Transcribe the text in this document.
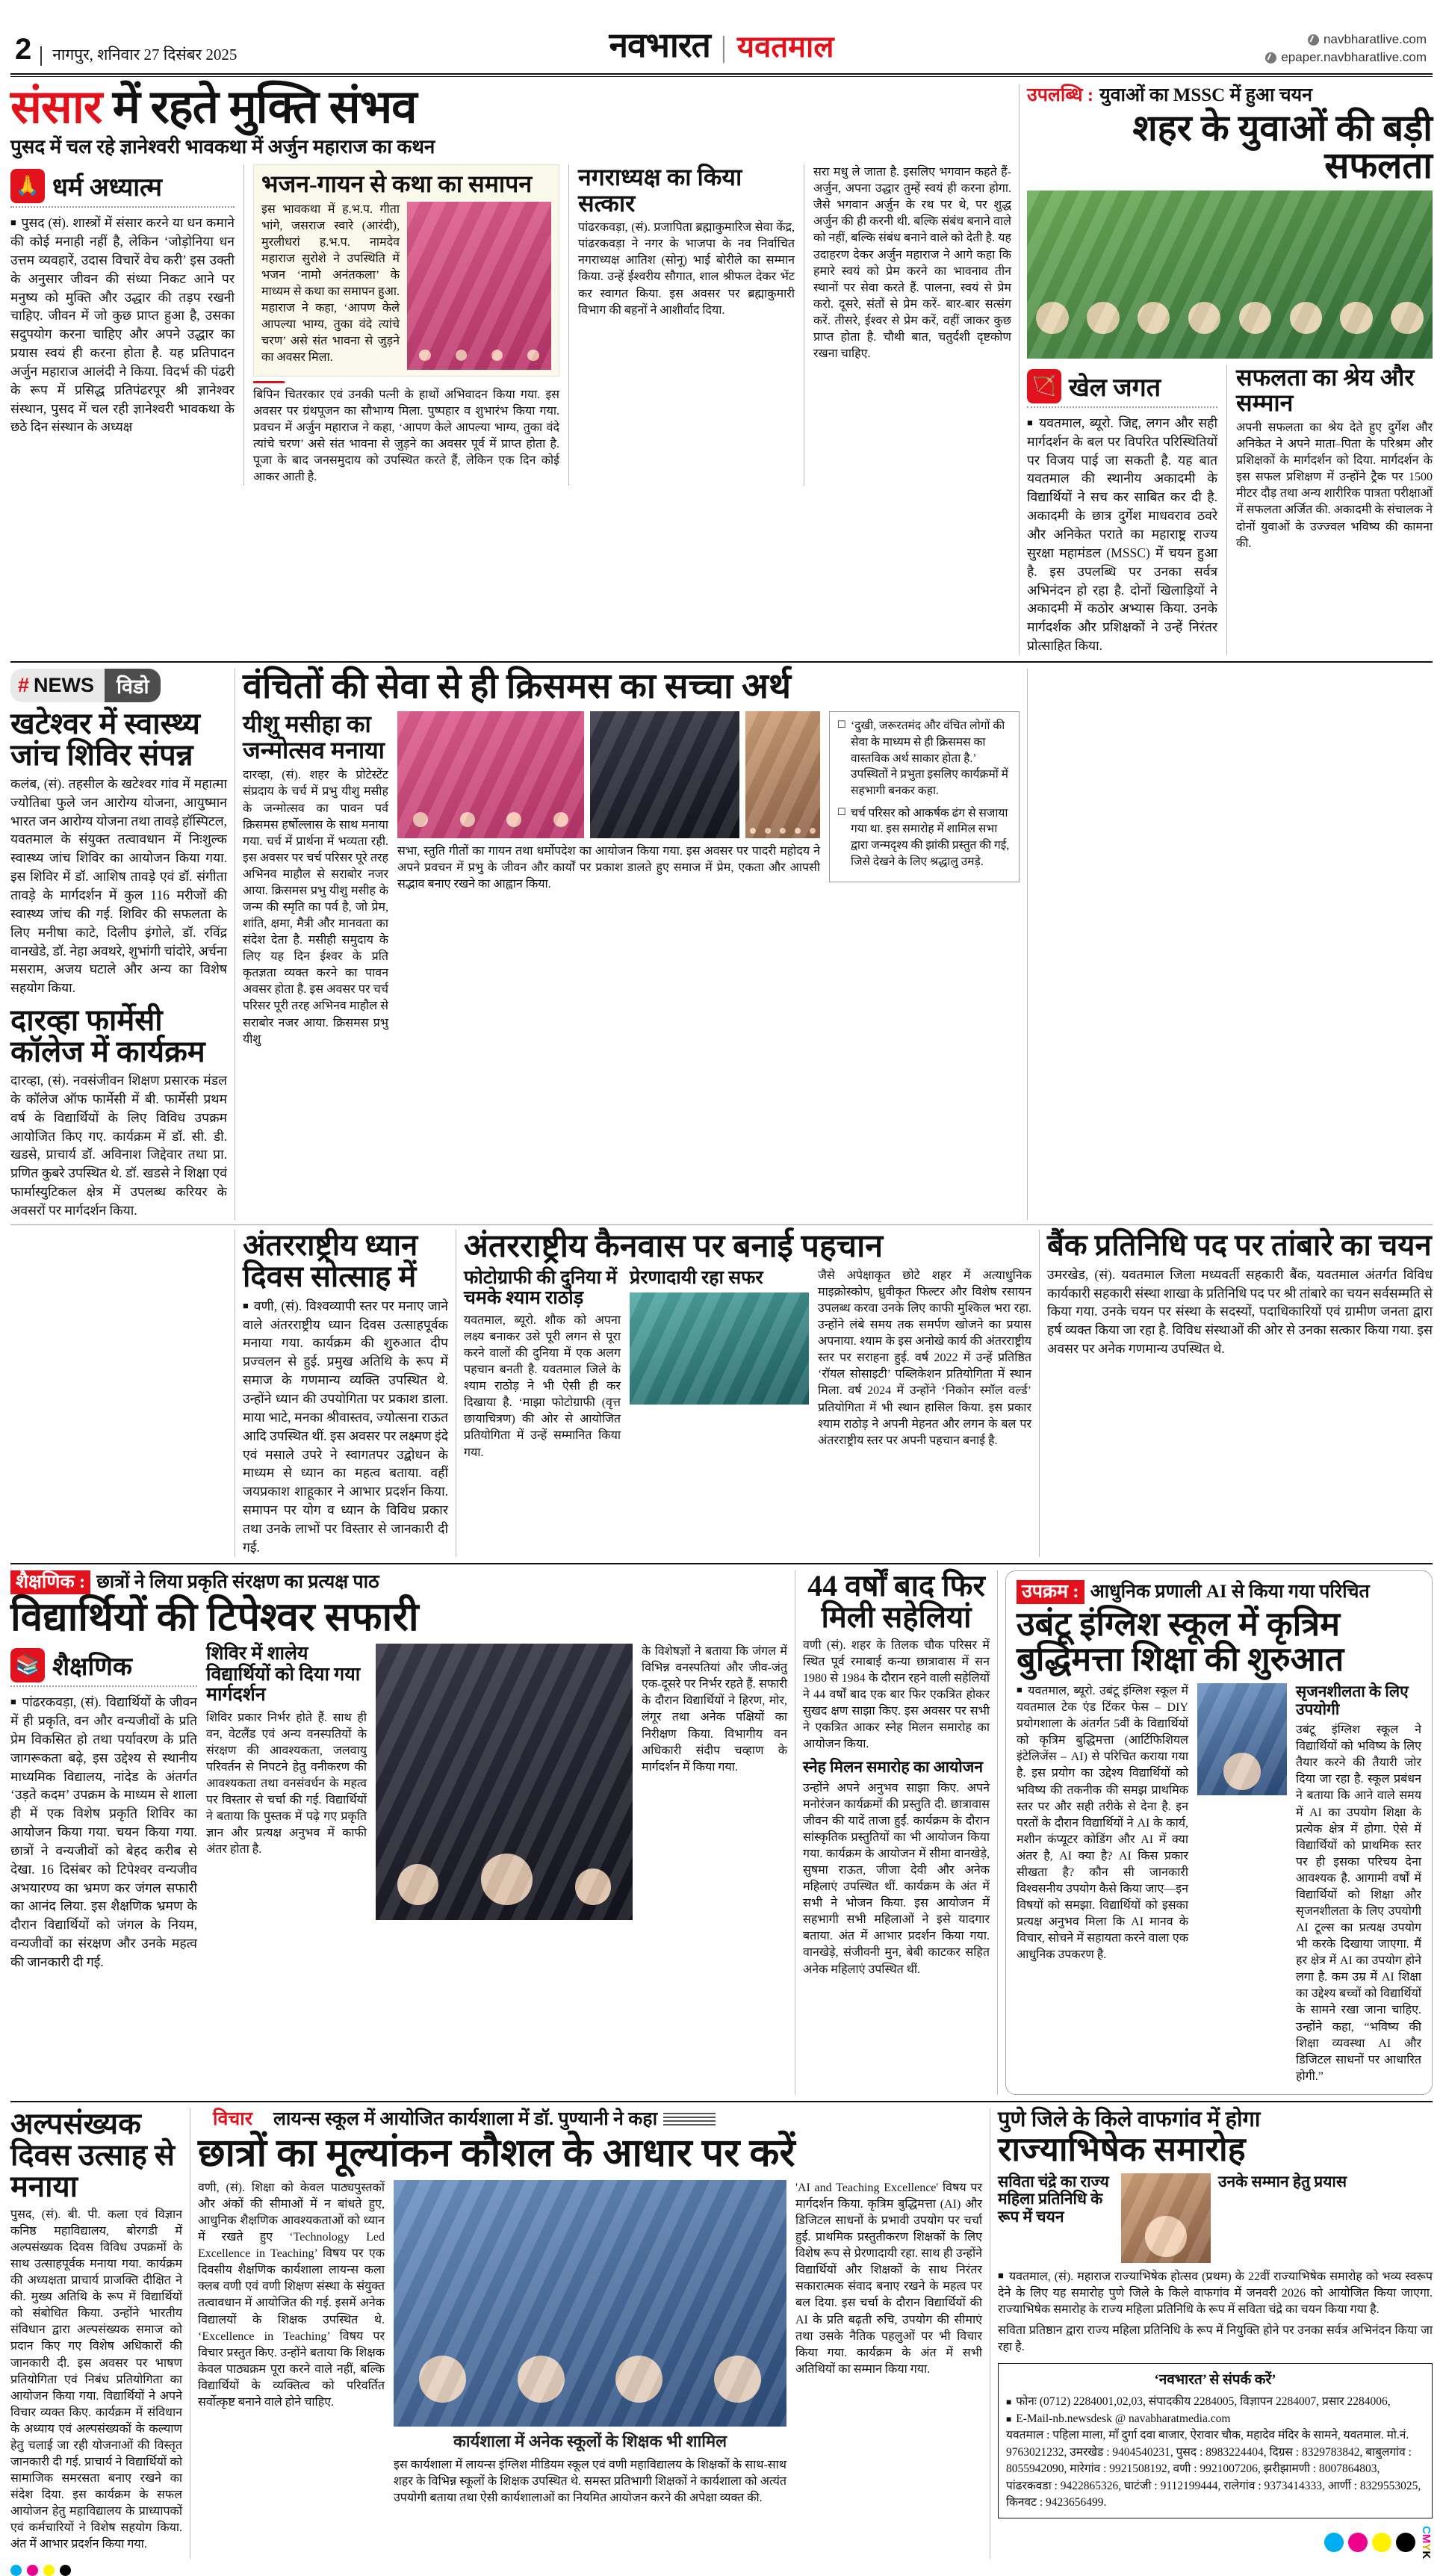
2	नागपुर, शनिवार 27 दिसंबर 2025	नवभारत | यवतमाल	navbharatlive.com
epaper.navbharatlive.com
संसार में रहते मुक्ति संभव
पुसद में चल रहे ज्ञानेश्वरी भावकथा में अर्जुन महाराज का कथन
🙏 धर्म अध्यात्म

■ पुसद (सं). शास्त्रों में संसार करने या धन कमाने की कोई मनाही नहीं है, लेकिन ‘जोड़ोनिया धन उत्तम व्यवहारें, उदास विचारें वेच करी’ इस उक्ती के अनुसार जीवन की संध्या निकट आने पर मनुष्य को मुक्ति और उद्धार की तड़प रखनी चाहिए. जीवन में जो कुछ प्राप्त हुआ है, उसका सदुपयोग करना चाहिए और अपने उद्धार का प्रयास स्वयं ही करना होता है. यह प्रतिपादन अर्जुन महाराज आलंदी ने किया. विदर्भ की पंढरी के रूप में प्रसिद्ध प्रतिपंढरपूर श्री ज्ञानेश्वर संस्थान, पुसद में चल रही ज्ञानेश्वरी भावकथा के छठे दिन संस्थान के अध्यक्ष

भजन-गायन से कथा का समापन

इस भावकथा में ह.भ.प. गीता भांगे, जसराज स्वारे (आरंदी), मुरलीधरां ह.भ.प. नामदेव महाराज सुरोशे ने उपस्थिति में भजन ‘नामो अनंतकला’ के माध्यम से कथा का समापन हुआ. महाराज ने कहा, ‘आपण केले आपल्या भाग्य, तुका वंदे त्यांचे चरण’ असे संत भावना से जुड़ने का अवसर मिला.

बिपिन चितरकार एवं उनकी पत्नी के हाथों अभिवादन किया गया. इस अवसर पर ग्रंथपूजन का सौभाग्य मिला. पुष्पहार व शुभारंभ किया गया. प्रवचन में अर्जुन महाराज ने कहा, ‘आपण केले आपल्या भाग्य, तुका वंदे त्यांचे चरण’ असे संत भावना से जुड़ने का अवसर पूर्व में प्राप्त होता है. पूजा के बाद जनसमुदाय को उपस्थित करते हैं, लेकिन एक दिन कोई आकर आती है.

नगराध्यक्ष का किया सत्कार

पांढरकवड़ा, (सं). प्रजापिता ब्रह्माकुमारिज सेवा केंद्र, पांढरकवड़ा ने नगर के भाजपा के नव निर्वाचित नगराध्यक्ष आतिश (सोनू) भाई बोरीले का सम्मान किया. उन्हें ईश्वरीय सौगात, शाल श्रीफल देकर भेंट कर स्वागत किया. इस अवसर पर ब्रह्माकुमारी विभाग की बहनों ने आशीर्वाद दिया.

सरा मधु ले जाता है. इसलिए भगवान कहते हैं- अर्जुन, अपना उद्धार तुम्हें स्वयं ही करना होगा. जैसे भगवान अर्जुन के रथ पर थे, पर शुद्ध अर्जुन की ही करनी थी. बल्कि संबंध बनाने वाले को नहीं, बल्कि संबंध बनाने वाले को देती है. यह उदाहरण देकर अर्जुन महाराज ने आगे कहा कि हमारे स्वयं को प्रेम करने का भावनाव तीन स्थानों पर सेवा करते हैं. पालना, स्वयं से प्रेम करो. दूसरे, संतों से प्रेम करें- बार-बार सत्संग करें. तीसरे, ईश्वर से प्रेम करें, वहीं जाकर कुछ प्राप्त होता है. चौथी बात, चतुर्दशी दृष्टकोण रखना चाहिए.

उपलब्धि : युवाओं का MSSC में हुआ चयन
शहर के युवाओं की बड़ी सफलता
🏹 खेल जगत

■ यवतमाल, ब्यूरो. जिद्द, लगन और सही मार्गदर्शन के बल पर विपरित परिस्थितियों पर विजय पाई जा सकती है. यह बात यवतमाल की स्थानीय अकादमी के विद्यार्थियों ने सच कर साबित कर दी है. अकादमी के छात्र दुर्गेश माधवराव ठवरे और अनिकेत पराते का महाराष्ट्र राज्य सुरक्षा महामंडल (MSSC) में चयन हुआ है. इस उपलब्धि पर उनका सर्वत्र अभिनंदन हो रहा है. दोनों खिलाड़ियों ने अकादमी में कठोर अभ्यास किया. उनके मार्गदर्शक और प्रशिक्षकों ने उन्हें निरंतर प्रोत्साहित किया.

सफलता का श्रेय और सम्मान

अपनी सफलता का श्रेय देते हुए दुर्गेश और अनिकेत ने अपने माता–पिता के परिश्रम और प्रशिक्षकों के मार्गदर्शन को दिया. मार्गदर्शन के इस सफल प्रशिक्षण में उन्होंने ट्रैक पर 1500 मीटर दौड़ तथा अन्य शारीरिक पात्रता परीक्षाओं में सफलता अर्जित की. अकादमी के संचालक ने दोनों युवाओं के उज्ज्वल भविष्य की कामना की.

# NEWS	विडो
खटेश्वर में स्वास्थ्य जांच शिविर संपन्न

कलंब, (सं). तहसील के खटेश्वर गांव में महात्मा ज्योतिबा फुले जन आरोग्य योजना, आयुष्मान भारत जन आरोग्य योजना तथा तावड़े हॉस्पिटल, यवतमाल के संयुक्त तत्वावधान में निःशुल्क स्वास्थ्य जांच शिविर का आयोजन किया गया. इस शिविर में डॉ. आशिष तावड़े एवं डॉ. संगीता तावड़े के मार्गदर्शन में कुल 116 मरीजों की स्वास्थ्य जांच की गई. शिविर की सफलता के लिए मनीषा काटे, दिलीप इंगोले, डॉ. रविंद्र वानखेडे, डॉ. नेहा अवथरे, शुभांगी चांदोरे, अर्चना मसराम, अजय घटाले और अन्य का विशेष सहयोग किया.

दारव्हा फार्मेसी कॉलेज में कार्यक्रम

दारव्हा, (सं). नवसंजीवन शिक्षण प्रसारक मंडल के कॉलेज ऑफ फार्मेसी में बी. फार्मेसी प्रथम वर्ष के विद्यार्थियों के लिए विविध उपक्रम आयोजित किए गए. कार्यक्रम में डॉ. सी. डी. खडसे, प्राचार्य डॉ. अविनाश जिद्देवार तथा प्रा. प्रणित कुबरे उपस्थित थे. डॉ. खडसे ने शिक्षा एवं फार्मास्युटिकल क्षेत्र में उपलब्ध करियर के अवसरों पर मार्गदर्शन किया.

वंचितों की सेवा से ही क्रिसमस का सच्चा अर्थ
यीशु मसीहा का जन्मोत्सव मनाया

दारव्हा, (सं). शहर के प्रोटेस्टेंट संप्रदाय के चर्च में प्रभु यीशु मसीह के जन्मोत्सव का पावन पर्व क्रिसमस हर्षोल्लास के साथ मनाया गया. चर्च में प्रार्थना में भव्यता रही. इस अवसर पर चर्च परिसर पूरे तरह अभिनव माहौल से सराबोर नजर आया. क्रिसमस प्रभु यीशु मसीह के जन्म की स्मृति का पर्व है, जो प्रेम, शांति, क्षमा, मैत्री और मानवता का संदेश देता है. मसीही समुदाय के लिए यह दिन ईश्वर के प्रति कृतज्ञता व्यक्त करने का पावन अवसर होता है. इस अवसर पर चर्च परिसर पूरी तरह अभिनव माहौल से सराबोर नजर आया. क्रिसमस प्रभु यीशु

सभा, स्तुति गीतों का गायन तथा धर्मोपदेश का आयोजन किया गया. इस अवसर पर पादरी महोदय ने अपने प्रवचन में प्रभु के जीवन और कार्यों पर प्रकाश डालते हुए समाज में प्रेम, एकता और आपसी सद्भाव बनाए रखने का आह्वान किया.

☐ ‘दुखी, जरूरतमंद और वंचित लोगों की सेवा के माध्यम से ही क्रिसमस का वास्तविक अर्थ साकार होता है.’ उपस्थितों ने प्रभुता इसलिए कार्यक्रमों में सहभागी बनकर कहा.

☐ चर्च परिसर को आकर्षक ढंग से सजाया गया था. इस समारोह में शामिल सभा द्वारा जन्मदृश्य की झांकी प्रस्तुत की गई, जिसे देखने के लिए श्रद्धालु उमड़े.

अंतरराष्ट्रीय ध्यान दिवस सोत्साह में

■ वणी, (सं). विश्वव्यापी स्तर पर मनाए जाने वाले अंतरराष्ट्रीय ध्यान दिवस उत्साहपूर्वक मनाया गया. कार्यक्रम की शुरुआत दीप प्रज्वलन से हुई. प्रमुख अतिथि के रूप में समाज के गणमान्य व्यक्ति उपस्थित थे. उन्होंने ध्यान की उपयोगिता पर प्रकाश डाला. माया भाटे, मनका श्रीवास्तव, ज्योत्सना राऊत आदि उपस्थित थीं. इस अवसर पर लक्ष्मण इंदे एवं मसाले उपरे ने स्वागतपर उद्बोधन के माध्यम से ध्यान का महत्व बताया. वहीं जयप्रकाश शाहूकार ने आभार प्रदर्शन किया. समापन पर योग व ध्यान के विविध प्रकार तथा उनके लाभों पर विस्तार से जानकारी दी गई.

अंतरराष्ट्रीय कैनवास पर बनाई पहचान
फोटोग्राफी की दुनिया में चमके श्याम राठोड़

यवतमाल, ब्यूरो. शौक को अपना लक्ष्य बनाकर उसे पूरी लगन से पूरा करने वालों की दुनिया में एक अलग पहचान बनती है. यवतमाल जिले के श्याम राठोड़ ने भी ऐसी ही कर दिखाया है. ‘माझा फोटोग्राफी (वृत्त छायाचित्रण) की ओर से आयोजित प्रतियोगिता में उन्हें सम्मानित किया गया.

प्रेरणादायी रहा सफर	जैसे अपेक्षाकृत छोटे शहर में अत्याधुनिक माइक्रोस्कोप, ध्रुवीकृत फिल्टर और विशेष रसायन उपलब्ध करवा उनके लिए काफी मुश्किल भरा रहा. उन्होंने लंबे समय तक समर्पण खोजने का प्रयास अपनाया. श्याम के इस अनोखे कार्य की अंतरराष्ट्रीय स्तर पर सराहना हुई. वर्ष 2022 में उन्हें प्रतिष्ठित ‘रॉयल सोसाइटी’ पब्लिकेशन प्रतियोगिता में स्थान मिला. वर्ष 2024 में उन्होंने ‘निकोन स्मॉल वर्ल्ड’ प्रतियोगिता में भी स्थान हासिल किया. इस प्रकार श्याम राठोड़ ने अपनी मेहनत और लगन के बल पर अंतरराष्ट्रीय स्तर पर अपनी पहचान बनाई है.

बैंक प्रतिनिधि पद पर तांबारे का चयन

उमरखेड, (सं). यवतमाल जिला मध्यवर्ती सहकारी बैंक, यवतमाल अंतर्गत विविध कार्यकारी सहकारी संस्था शाखा के प्रतिनिधि पद पर श्री तांबारे का चयन सर्वसम्मति से किया गया. उनके चयन पर संस्था के सदस्यों, पदाधिकारियों एवं ग्रामीण जनता द्वारा हर्ष व्यक्त किया जा रहा है. विविध संस्थाओं की ओर से उनका सत्कार किया गया. इस अवसर पर अनेक गणमान्य उपस्थित थे.

शैक्षणिक : छात्रों ने लिया प्रकृति संरक्षण का प्रत्यक्ष पाठ
विद्यार्थियों की टिपेश्वर सफारी
📚 शैक्षणिक

■ पांढरकवड़ा, (सं). विद्यार्थियों के जीवन में ही प्रकृति, वन और वन्यजीवों के प्रति प्रेम विकसित हो तथा पर्यावरण के प्रति जागरूकता बढ़े, इस उद्देश्य से स्थानीय माध्यमिक विद्यालय, नांदेड के अंतर्गत ‘उड़ते कदम’ उपक्रम के माध्यम से शाला ही में एक विशेष प्रकृति शिविर का आयोजन किया गया. चयन किया गया. छात्रों ने वन्यजीवों को बेहद करीब से देखा. 16 दिसंबर को टिपेश्वर वन्यजीव अभयारण्य का भ्रमण कर जंगल सफारी का आनंद लिया. इस शैक्षणिक भ्रमण के दौरान विद्यार्थियों को जंगल के नियम, वन्यजीवों का संरक्षण और उनके महत्व की जानकारी दी गई.

शिविर में शालेय विद्यार्थियों को दिया गया मार्गदर्शन

शिविर प्रकार निर्भर होते हैं. साथ ही वन, वेटलैंड एवं अन्य वनस्पतियों के संरक्षण की आवश्यकता, जलवायु परिवर्तन से निपटने हेतु वनीकरण की आवश्यकता तथा वनसंवर्धन के महत्व पर विस्तार से चर्चा की गई. विद्यार्थियों ने बताया कि पुस्तक में पढ़े गए प्रकृति ज्ञान और प्रत्यक्ष अनुभव में काफी अंतर होता है.

के विशेषज्ञों ने बताया कि जंगल में विभिन्न वनस्पतियां और जीव-जंतु एक-दूसरे पर निर्भर रहते हैं. सफारी के दौरान विद्यार्थियों ने हिरण, मोर, लंगूर तथा अनेक पक्षियों का निरीक्षण किया. विभागीय वन अधिकारी संदीप चव्हाण के मार्गदर्शन में किया गया.

44 वर्षों बाद फिर मिली सहेलियां

वणी (सं). शहर के तिलक चौक परिसर में स्थित पूर्व रमाबाई कन्या छात्रावास में सन 1980 से 1984 के दौरान रहने वाली सहेलियों ने 44 वर्षों बाद एक बार फिर एकत्रित होकर सुखद क्षण साझा किए. इस अवसर पर सभी ने एकत्रित आकर स्नेह मिलन समारोह का आयोजन किया.

स्नेह मिलन समारोह का आयोजन

उन्होंने अपने अनुभव साझा किए. अपने मनोरंजन कार्यक्रमों की प्रस्तुति दी. छात्रावास जीवन की यादें ताजा हुईं. कार्यक्रम के दौरान सांस्कृतिक प्रस्तुतियों का भी आयोजन किया गया. कार्यक्रम के आयोजन में सीमा वानखेड़े, सुषमा राऊत, जीजा देवी और अनेक महिलाएं उपस्थित थीं. कार्यक्रम के अंत में सभी ने भोजन किया. इस आयोजन में सहभागी सभी महिलाओं ने इसे यादगार बताया. अंत में आभार प्रदर्शन किया गया. वानखेड़े, संजीवनी मुन, बेबी काटकर सहित अनेक महिलाएं उपस्थित थीं.

उपक्रम : आधुनिक प्रणाली AI से किया गया परिचित
उबंटू इंग्लिश स्कूल में कृत्रिम बुद्धिमत्ता शिक्षा की शुरुआत

■ यवतमाल, ब्यूरो. उबंटू इंग्लिश स्कूल में यवतमाल टेक एंड टिंकर फेस – DIY प्रयोगशाला के अंतर्गत 5वीं के विद्यार्थियों को कृत्रिम बुद्धिमत्ता (आर्टिफिशियल इंटेलिजेंस – AI) से परिचित कराया गया है. इस प्रयोग का उद्देश्य विद्यार्थियों को भविष्य की तकनीक की समझ प्राथमिक स्तर पर और सही तरीके से देना है. इन परतों के दौरान विद्यार्थियों ने AI के कार्य, मशीन कंप्यूटर कोडिंग और AI में क्या अंतर है, AI क्या है? AI किस प्रकार सीखता है? कौन सी जानकारी विश्वसनीय उपयोग कैसे किया जाए—इन विषयों को समझा. विद्यार्थियों को इसका प्रत्यक्ष अनुभव मिला कि AI मानव के विचार, सोचने में सहायता करने वाला एक आधुनिक उपकरण है.

सृजनशीलता के लिए उपयोगी

उबंटू इंग्लिश स्कूल ने विद्यार्थियों को भविष्य के लिए तैयार करने की तैयारी जोर दिया जा रहा है. स्कूल प्रबंधन ने बताया कि आने वाले समय में AI का उपयोग शिक्षा के प्रत्येक क्षेत्र में होगा. ऐसे में विद्यार्थियों को प्राथमिक स्तर पर ही इसका परिचय देना आवश्यक है. आगामी वर्षों में विद्यार्थियों को शिक्षा और सृजनशीलता के लिए उपयोगी AI टूल्स का प्रत्यक्ष उपयोग भी करके दिखाया जाएगा. मैं हर क्षेत्र में AI का उपयोग होने लगा है. कम उम्र में AI शिक्षा का उद्देश्य बच्चों को विद्यार्थियों के सामने रखा जाना चाहिए. उन्होंने कहा, “भविष्य की शिक्षा व्यवस्था AI और डिजिटल साधनों पर आधारित होगी.”

अल्पसंख्यक दिवस उत्साह से मनाया

पुसद, (सं). बी. पी. कला एवं विज्ञान कनिष्ठ महाविद्यालय, बोरगडी में अल्पसंख्यक दिवस विविध उपक्रमों के साथ उत्साहपूर्वक मनाया गया. कार्यक्रम की अध्यक्षता प्राचार्य प्राजक्ति दीक्षित ने की. मुख्य अतिथि के रूप में विद्यार्थियों को संबोधित किया. उन्होंने भारतीय संविधान द्वारा अल्पसंख्यक समाज को प्रदान किए गए विशेष अधिकारों की जानकारी दी. इस अवसर पर भाषण प्रतियोगिता एवं निबंध प्रतियोगिता का आयोजन किया गया. विद्यार्थियों ने अपने विचार व्यक्त किए. कार्यक्रम में संविधान के अध्याय एवं अल्पसंख्यकों के कल्याण हेतु चलाई जा रही योजनाओं की विस्तृत जानकारी दी गई. प्राचार्य ने विद्यार्थियों को सामाजिक समरसता बनाए रखने का संदेश दिया. इस कार्यक्रम के सफल आयोजन हेतु महाविद्यालय के प्राध्यापकों एवं कर्मचारियों ने विशेष सहयोग किया. अंत में आभार प्रदर्शन किया गया.

विचार लायन्स स्कूल में आयोजित कार्यशाला में डॉ. पुण्यानी ने कहा
छात्रों का मूल्यांकन कौशल के आधार पर करें

वणी, (सं). शिक्षा को केवल पाठ्यपुस्तकों और अंकों की सीमाओं में न बांधते हुए, आधुनिक शैक्षणिक आवश्यकताओं को ध्यान में रखते हुए ‘Technology Led Excellence in Teaching’ विषय पर एक दिवसीय शैक्षणिक कार्यशाला लायन्स कला क्लब वणी एवं वणी शिक्षण संस्था के संयुक्त तत्वावधान में आयोजित की गई. इसमें अनेक विद्यालयों के शिक्षक उपस्थित थे. ‘Excellence in Teaching’ विषय पर विचार प्रस्तुत किए. उन्होंने बताया कि शिक्षक केवल पाठ्यक्रम पूरा करने वाले नहीं, बल्कि विद्यार्थियों के व्यक्तित्व को परिवर्तित सर्वोत्कृष्ट बनाने वाले होने चाहिए.

कार्यशाला में अनेक स्कूलों के शिक्षक भी शामिल

इस कार्यशाला में लायन्स इंग्लिश मीडियम स्कूल एवं वणी महाविद्यालय के शिक्षकों के साथ-साथ शहर के विभिन्न स्कूलों के शिक्षक उपस्थित थे. समस्त प्रतिभागी शिक्षकों ने कार्यशाला को अत्यंत उपयोगी बताया तथा ऐसी कार्यशालाओं का नियमित आयोजन करने की अपेक्षा व्यक्त की.

'AI and Teaching Excellence' विषय पर मार्गदर्शन किया. कृत्रिम बुद्धिमत्ता (AI) और डिजिटल साधनों के प्रभावी उपयोग पर चर्चा हुई. प्राथमिक प्रस्तुतीकरण शिक्षकों के लिए विशेष रूप से प्रेरणादायी रहा. साथ ही उन्होंने विद्यार्थियों और शिक्षकों के साथ निरंतर सकारात्मक संवाद बनाए रखने के महत्व पर बल दिया. इस चर्चा के दौरान विद्यार्थियों की AI के प्रति बढ़ती रुचि, उपयोग की सीमाएं तथा उसके नैतिक पहलुओं पर भी विचार किया गया. कार्यक्रम के अंत में सभी अतिथियों का सम्मान किया गया.

पुणे जिले के किले वाफगांव में होगा
राज्याभिषेक समारोह
सविता चंद्रे का राज्य महिला प्रतिनिधि के रूप में चयन
उनके सम्मान हेतु प्रयास

■ यवतमाल, (सं). महाराज राज्याभिषेक होत्सव (प्रथम) के 22वीं राज्याभिषेक समारोह को भव्य स्वरूप देने के लिए यह समारोह पुणे जिले के किले वाफगांव में जनवरी 2026 को आयोजित किया जाएगा. राज्याभिषेक समारोह के राज्य महिला प्रतिनिधि के रूप में सविता चंद्रे का चयन किया गया है.

सविता प्रतिष्ठान द्वारा राज्य महिला प्रतिनिधि के रूप में नियुक्ति होने पर उनका सर्वत्र अभिनंदन किया जा रहा है.

‘नवभारत’ से संपर्क करें’

■ फोनः (0712) 2284001,02,03, संपादकीय 2284005, विज्ञापन 2284007, प्रसार 2284006,

■ E-Mail-nb.newsdesk @ navabharatmedia.com

यवतमाल : पहिला माला, माँ दुर्गा दवा बाजार, ऐरावार चौक, महादेव मंदिर के सामने, यवतमाल. मो.नं. 9763021232, उमरखेड : 9404540231, पुसद : 8983224404, दिग्रस : 8329783842, बाबुलगांव : 8055942090, मारेगांव : 9921508192, वणी : 9921007206, झरीझामणी : 8007864803, पांढरकवडा : 9422865326, घाटंजी : 9112199444, रालेगांव : 9373414333, आर्णी : 8329553025, किनवट : 9423656499.

CMYK
